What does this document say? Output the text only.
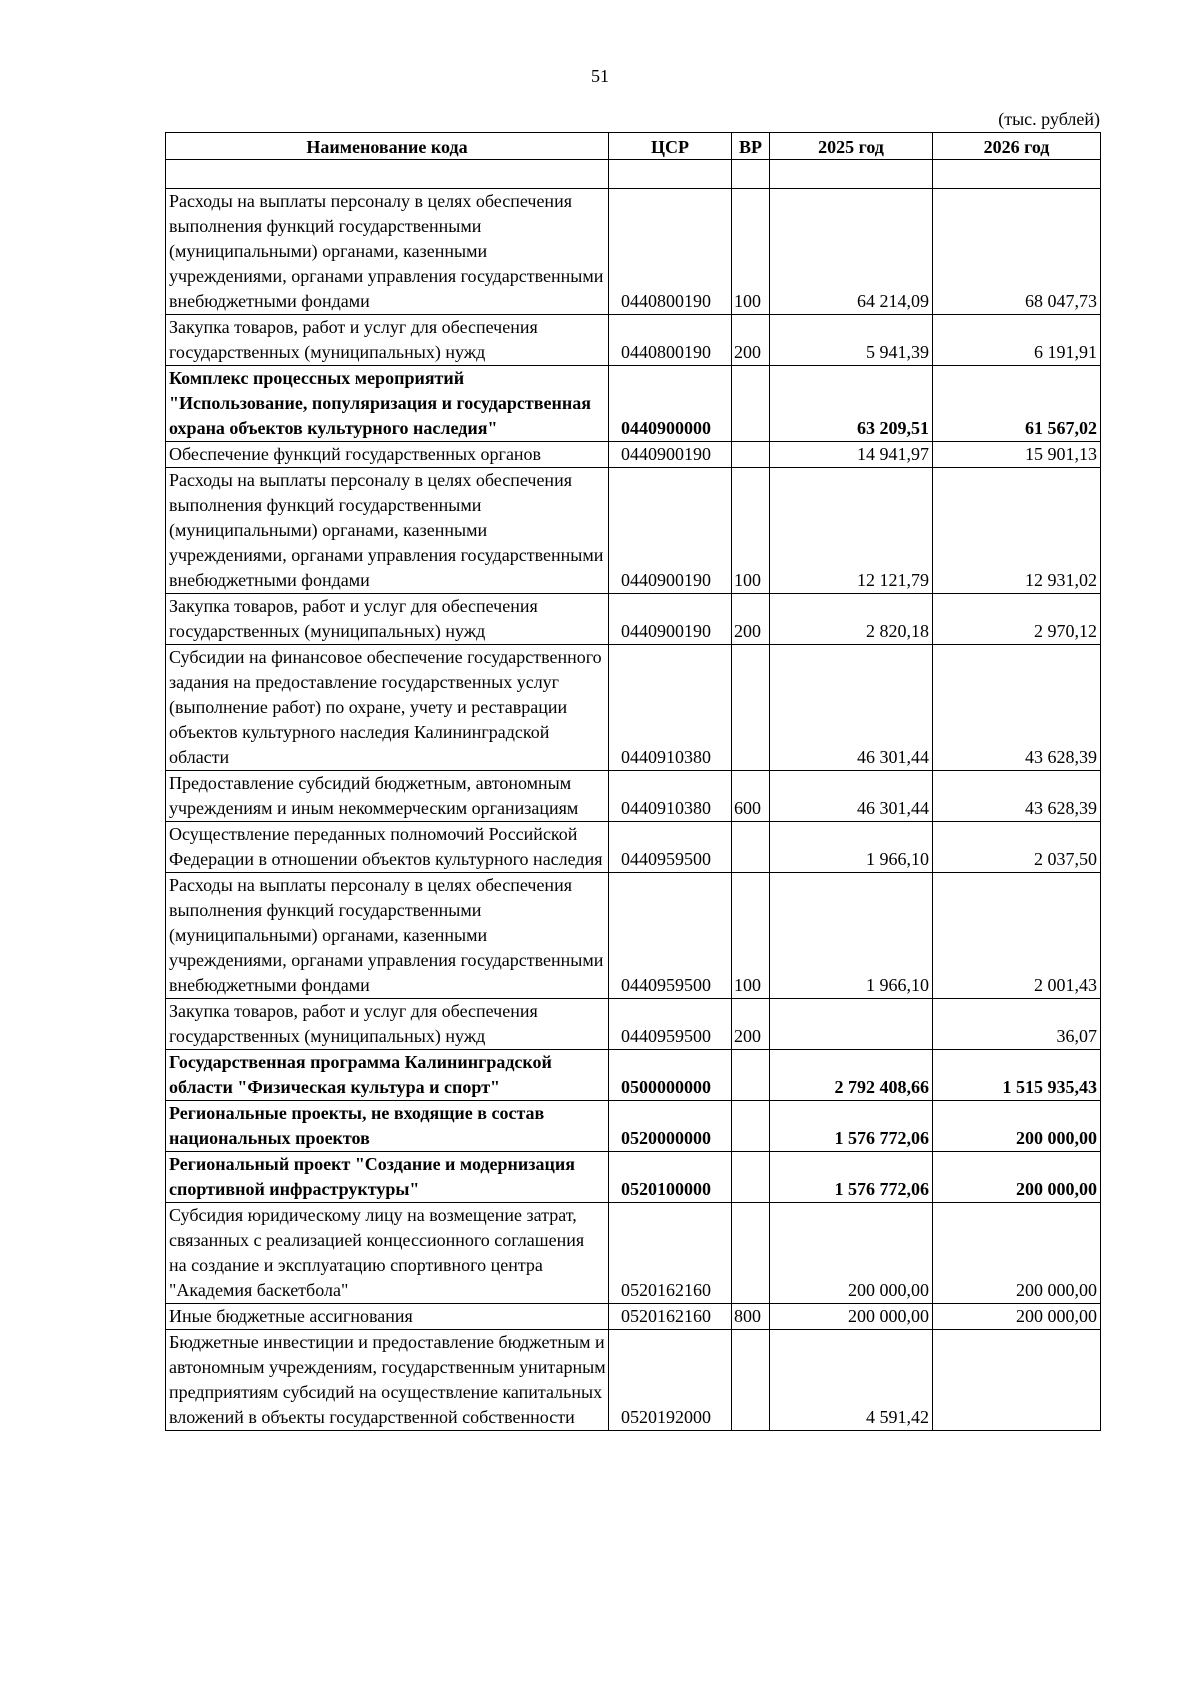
51
(тыс. рублей)
Наименование кода	ЦСР	ВР	2025 год	2026 год

Расходы на выплаты персоналу в целях обеспечения выполнения функций государственными (муниципальными) органами, казенными учреждениями, органами управления государственными внебюджетными фондами	0440800190	100	64 214,09	68 047,73
Закупка товаров, работ и услуг для обеспечения государственных (муниципальных) нужд	0440800190	200	5 941,39	6 191,91
Комплекс процессных мероприятий "Использование, популяризация и государственная охрана объектов культурного наследия"	0440900000		63 209,51	61 567,02
Обеспечение функций государственных органов	0440900190		14 941,97	15 901,13
Расходы на выплаты персоналу в целях обеспечения выполнения функций государственными (муниципальными) органами, казенными учреждениями, органами управления государственными внебюджетными фондами	0440900190	100	12 121,79	12 931,02
Закупка товаров, работ и услуг для обеспечения государственных (муниципальных) нужд	0440900190	200	2 820,18	2 970,12
Субсидии на финансовое обеспечение государственного задания на предоставление государственных услуг (выполнение работ) по охране, учету и реставрации объектов культурного наследия Калининградской области	0440910380		46 301,44	43 628,39
Предоставление субсидий бюджетным, автономным учреждениям и иным некоммерческим организациям	0440910380	600	46 301,44	43 628,39
Осуществление переданных полномочий Российской Федерации в отношении объектов культурного наследия	0440959500		1 966,10	2 037,50
Расходы на выплаты персоналу в целях обеспечения выполнения функций государственными (муниципальными) органами, казенными учреждениями, органами управления государственными внебюджетными фондами	0440959500	100	1 966,10	2 001,43
Закупка товаров, работ и услуг для обеспечения государственных (муниципальных) нужд	0440959500	200		36,07
Государственная программа Калининградской области "Физическая культура и спорт"	0500000000		2 792 408,66	1 515 935,43
Региональные проекты, не входящие в состав национальных проектов	0520000000		1 576 772,06	200 000,00
Региональный проект "Создание и модернизация спортивной инфраструктуры"	0520100000		1 576 772,06	200 000,00
Субсидия юридическому лицу на возмещение затрат, связанных с реализацией концессионного соглашения на создание и эксплуатацию спортивного центра "Академия баскетбола"	0520162160		200 000,00	200 000,00
Иные бюджетные ассигнования	0520162160	800	200 000,00	200 000,00
Бюджетные инвестиции и предоставление бюджетным и автономным учреждениям, государственным унитарным предприятиям субсидий на осуществление капитальных вложений в объекты государственной собственности	0520192000		4 591,42	
